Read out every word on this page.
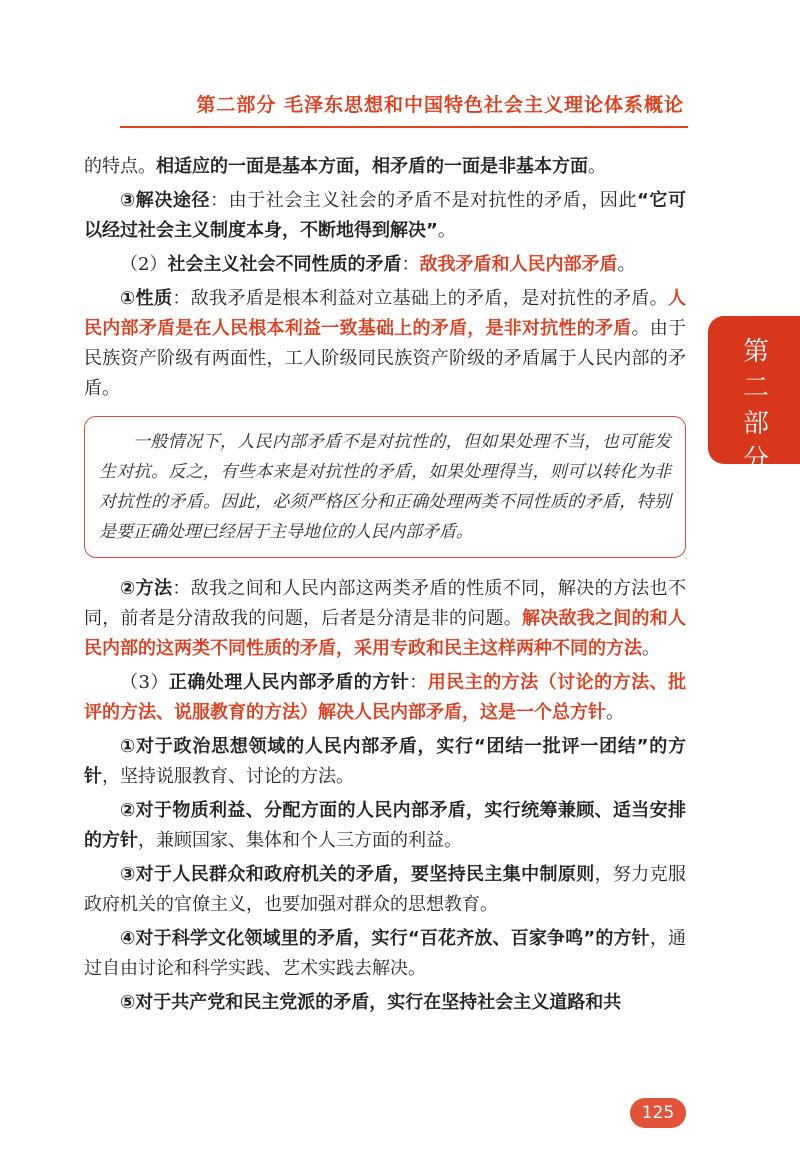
第二部分 毛泽东思想和中国特色社会主义理论体系概论
第二部分

的特点。相适应的一面是基本方面，相矛盾的一面是非基本方面。

③解决途径：由于社会主义社会的矛盾不是对抗性的矛盾，因此“它可以经过社会主义制度本身，不断地得到解决”。

（2）社会主义社会不同性质的矛盾：敌我矛盾和人民内部矛盾。

①性质：敌我矛盾是根本利益对立基础上的矛盾，是对抗性的矛盾。人民内部矛盾是在人民根本利益一致基础上的矛盾，是非对抗性的矛盾。由于民族资产阶级有两面性，工人阶级同民族资产阶级的矛盾属于人民内部的矛盾。

一般情况下，人民内部矛盾不是对抗性的，但如果处理不当，也可能发生对抗。反之，有些本来是对抗性的矛盾，如果处理得当，则可以转化为非对抗性的矛盾。因此，必须严格区分和正确处理两类不同性质的矛盾，特别是要正确处理已经居于主导地位的人民内部矛盾。

②方法：敌我之间和人民内部这两类矛盾的性质不同，解决的方法也不同，前者是分清敌我的问题，后者是分清是非的问题。解决敌我之间的和人民内部的这两类不同性质的矛盾，采用专政和民主这样两种不同的方法。

（3）正确处理人民内部矛盾的方针：用民主的方法（讨论的方法、批评的方法、说服教育的方法）解决人民内部矛盾，这是一个总方针。

①对于政治思想领域的人民内部矛盾，实行“团结一批评一团结”的方针，坚持说服教育、讨论的方法。

②对于物质利益、分配方面的人民内部矛盾，实行统筹兼顾、适当安排的方针，兼顾国家、集体和个人三方面的利益。

③对于人民群众和政府机关的矛盾，要坚持民主集中制原则，努力克服政府机关的官僚主义，也要加强对群众的思想教育。

④对于科学文化领域里的矛盾，实行“百花齐放、百家争鸣”的方针，通过自由讨论和科学实践、艺术实践去解决。

⑤对于共产党和民主党派的矛盾，实行在坚持社会主义道路和共

125
